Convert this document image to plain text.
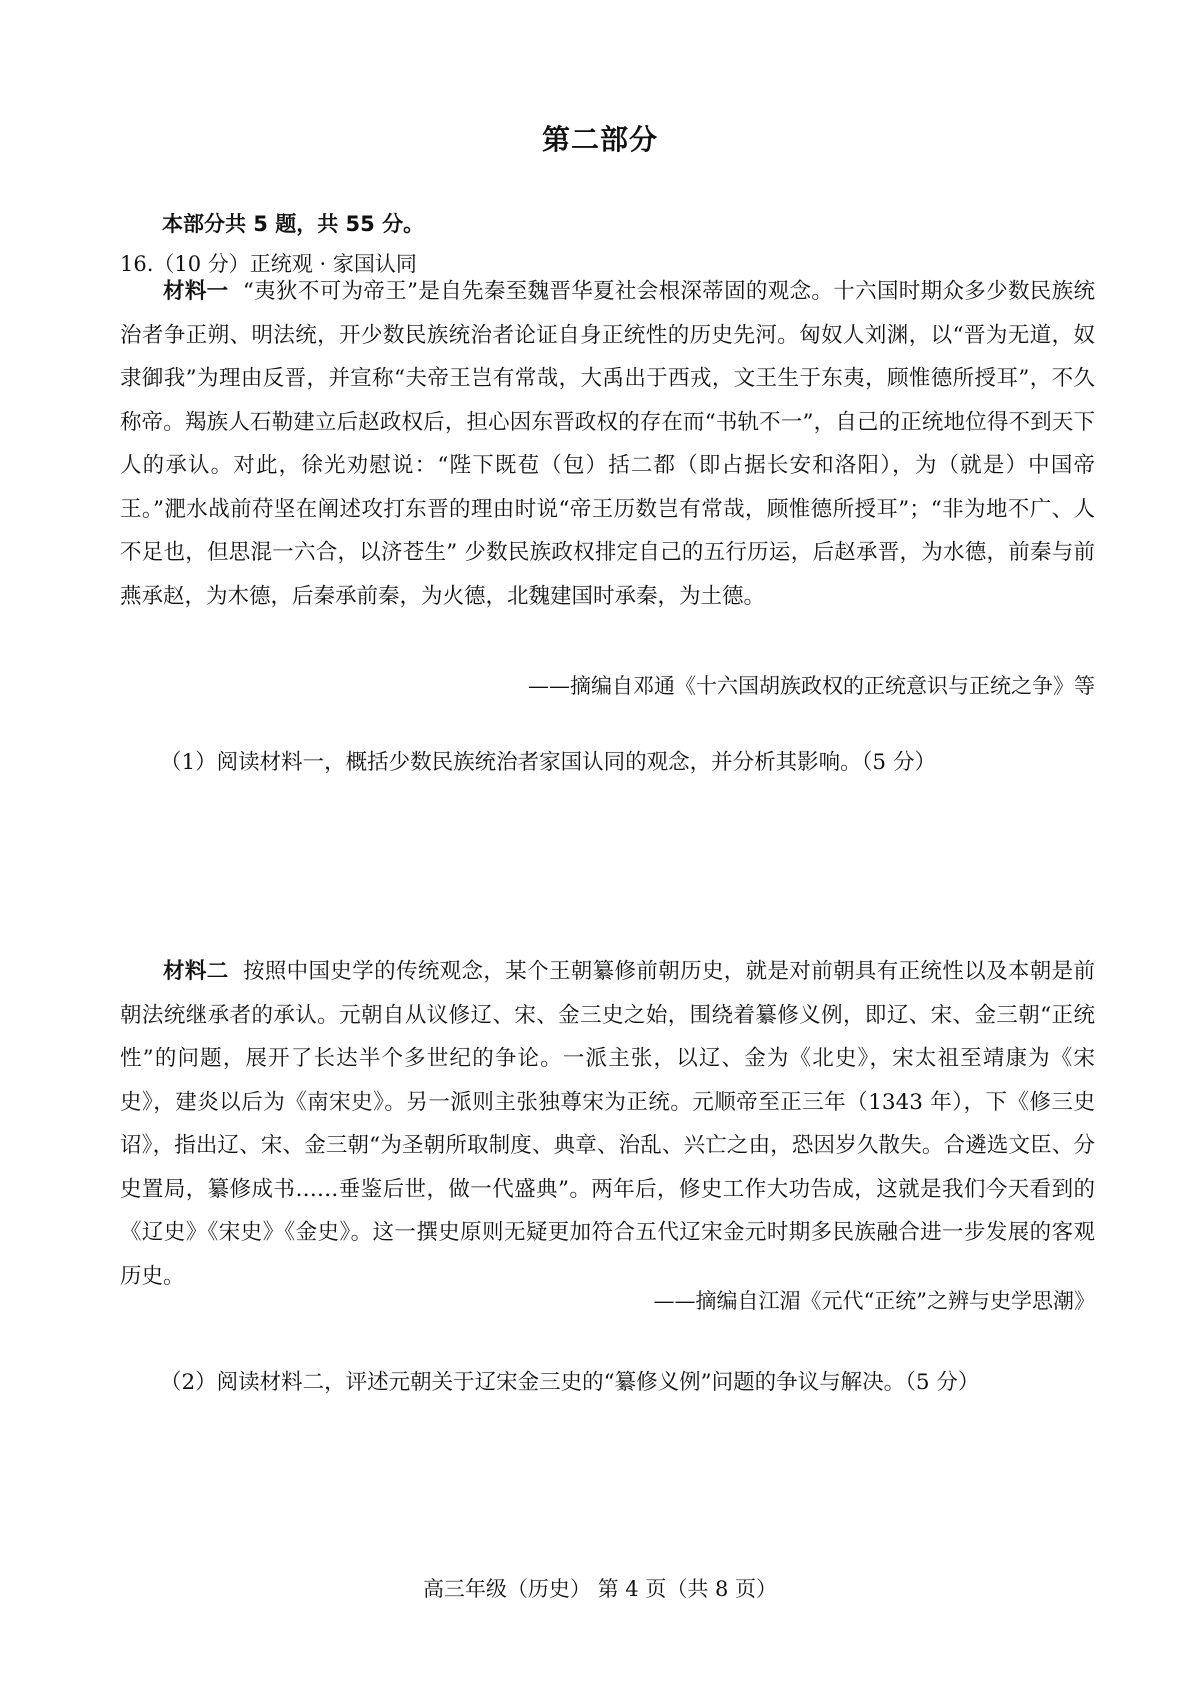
第二部分
本部分共 5 题，共 55 分。
16.（10 分）正统观 · 家国认同
材料一 “夷狄不可为帝王”是自先秦至魏晋华夏社会根深蒂固的观念。十六国时期众多少数民族统治者争正朔、明法统，开少数民族统治者论证自身正统性的历史先河。匈奴人刘渊，以“晋为无道，奴隶御我”为理由反晋，并宣称“夫帝王岂有常哉，大禹出于西戎，文王生于东夷，顾惟德所授耳”，不久称帝。羯族人石勒建立后赵政权后，担心因东晋政权的存在而“书轨不一”，自己的正统地位得不到天下人的承认。对此，徐光劝慰说：“陛下既苞（包）括二都（即占据长安和洛阳），为（就是）中国帝王。”淝水战前苻坚在阐述攻打东晋的理由时说“帝王历数岂有常哉，顾惟德所授耳”；“非为地不广、人不足也，但思混一六合，以济苍生” 少数民族政权排定自己的五行历运，后赵承晋，为水德，前秦与前燕承赵，为木德，后秦承前秦，为火德，北魏建国时承秦，为土德。
——摘编自邓通《十六国胡族政权的正统意识与正统之争》等
（1）阅读材料一，概括少数民族统治者家国认同的观念，并分析其影响。（5 分）
材料二 按照中国史学的传统观念，某个王朝纂修前朝历史，就是对前朝具有正统性以及本朝是前朝法统继承者的承认。元朝自从议修辽、宋、金三史之始，围绕着纂修义例，即辽、宋、金三朝“正统性”的问题，展开了长达半个多世纪的争论。一派主张，以辽、金为《北史》，宋太祖至靖康为《宋史》，建炎以后为《南宋史》。另一派则主张独尊宋为正统。元顺帝至正三年（1343 年），下《修三史诏》，指出辽、宋、金三朝“为圣朝所取制度、典章、治乱、兴亡之由，恐因岁久散失。合遴选文臣、分史置局，纂修成书……垂鉴后世，做一代盛典”。两年后，修史工作大功告成，这就是我们今天看到的《辽史》《宋史》《金史》。这一撰史原则无疑更加符合五代辽宋金元时期多民族融合进一步发展的客观历史。
——摘编自江湄《元代“正统”之辨与史学思潮》
（2）阅读材料二，评述元朝关于辽宋金三史的“纂修义例”问题的争议与解决。（5 分）
高三年级（历史） 第 4 页（共 8 页）
